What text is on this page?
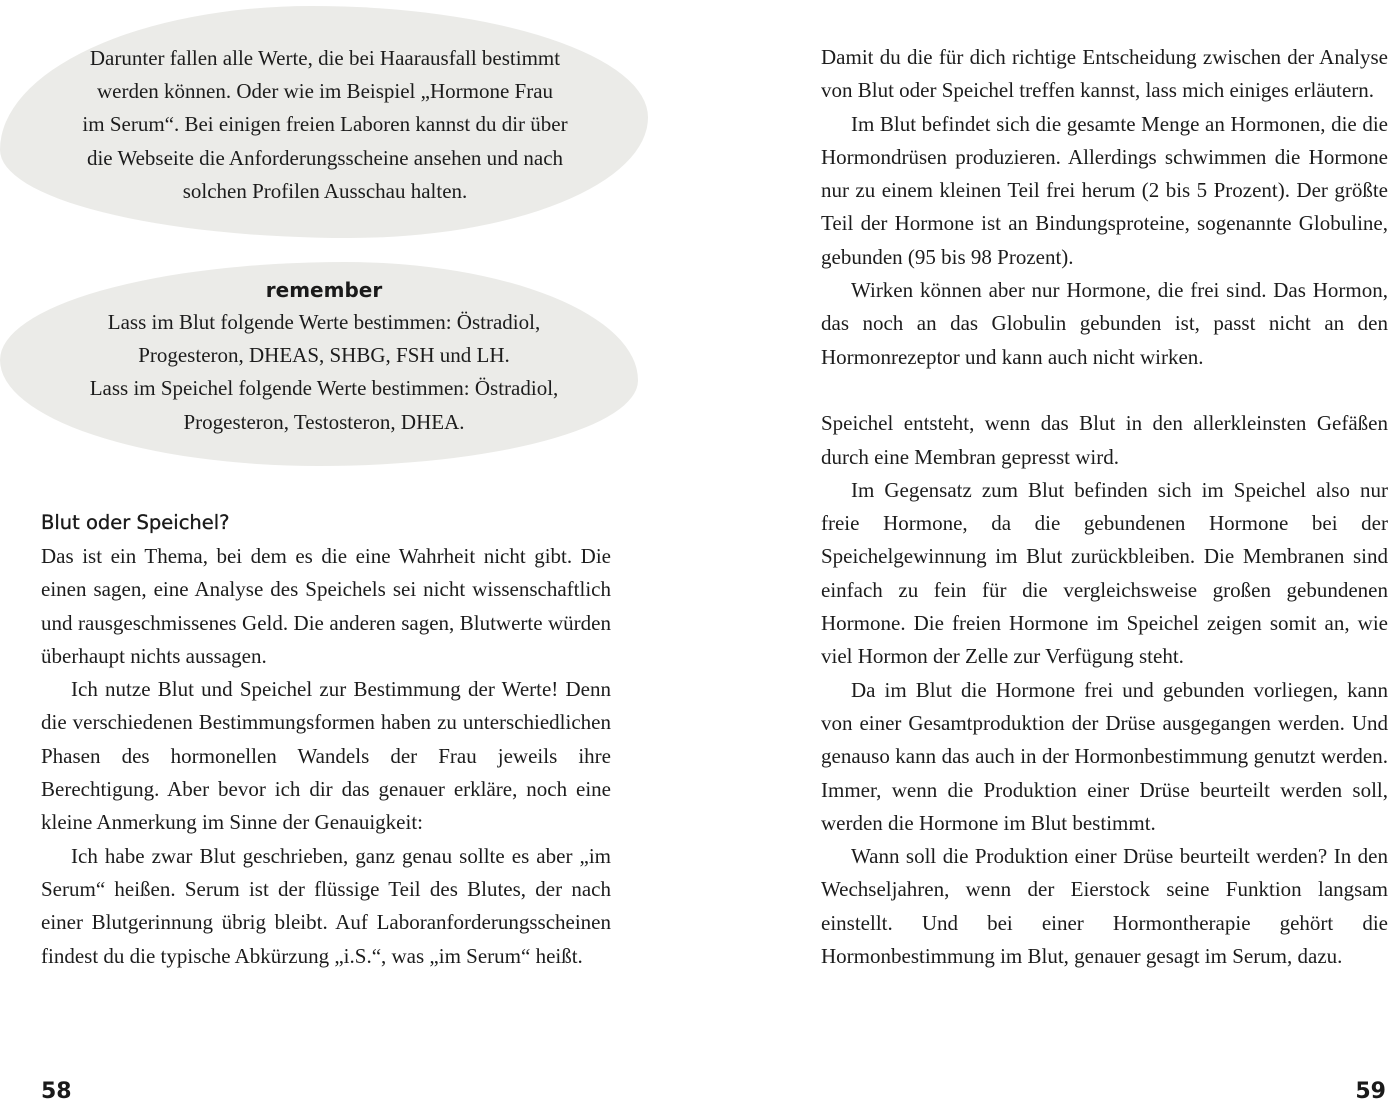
Darunter fallen alle Werte, die bei Haarausfall bestimmt

werden können. Oder wie im Beispiel „Hormone Frau

im Serum“. Bei einigen freien Laboren kannst du dir über

die Webseite die Anforderungsscheine ansehen und nach

solchen Profilen Ausschau halten.

remember

Lass im Blut folgende Werte bestimmen: Östradiol,

Progesteron, DHEAS, SHBG, FSH und LH.

Lass im Speichel folgende Werte bestimmen: Östradiol,

Progesteron, Testosteron, DHEA.

Blut oder Speichel?

Das ist ein Thema, bei dem es die eine Wahrheit nicht gibt. Die einen sagen, eine Analyse des Speichels sei nicht wissenschaftlich und rausgeschmissenes Geld. Die anderen sagen, Blutwerte würden überhaupt nichts aussagen.

Ich nutze Blut und Speichel zur Bestimmung der Werte! Denn die verschiedenen Bestimmungsformen haben zu unterschiedlichen Phasen des hormonellen Wandels der Frau jeweils ihre Berechtigung. Aber bevor ich dir das genauer erkläre, noch eine kleine Anmerkung im Sinne der Genauigkeit:

Ich habe zwar Blut geschrieben, ganz genau sollte es aber „im Serum“ heißen. Serum ist der flüssige Teil des Blutes, der nach einer Blutgerinnung übrig bleibt. Auf Laboranforderungsscheinen findest du die typische Abkürzung „i.S.“, was „im Serum“ heißt.

58

Damit du die für dich richtige Entscheidung zwischen der Analyse von Blut oder Speichel treffen kannst, lass mich einiges erläutern.

Im Blut befindet sich die gesamte Menge an Hormonen, die die Hormondrüsen produzieren. Allerdings schwimmen die Hormone nur zu einem kleinen Teil frei herum (2 bis 5 Prozent). Der größte Teil der Hormone ist an Bindungsproteine, sogenannte Globuline, gebunden (95 bis 98 Prozent).

Wirken können aber nur Hormone, die frei sind. Das Hormon, das noch an das Globulin gebunden ist, passt nicht an den Hormonrezeptor und kann auch nicht wirken.

Speichel entsteht, wenn das Blut in den allerkleinsten Gefäßen durch eine Membran gepresst wird.

Im Gegensatz zum Blut befinden sich im Speichel also nur freie Hormone, da die gebundenen Hormone bei der Speichelgewinnung im Blut zurückbleiben. Die Membranen sind einfach zu fein für die vergleichsweise großen gebundenen Hormone. Die freien Hormone im Speichel zeigen somit an, wie viel Hormon der Zelle zur Verfügung steht.

Da im Blut die Hormone frei und gebunden vorliegen, kann von einer Gesamtproduktion der Drüse ausgegangen werden. Und genauso kann das auch in der Hormonbestimmung genutzt werden. Immer, wenn die Produktion einer Drüse beurteilt werden soll, werden die Hormone im Blut bestimmt.

Wann soll die Produktion einer Drüse beurteilt werden? In den Wechseljahren, wenn der Eierstock seine Funktion langsam einstellt. Und bei einer Hormontherapie gehört die Hormonbestimmung im Blut, genauer gesagt im Serum, dazu.

59
